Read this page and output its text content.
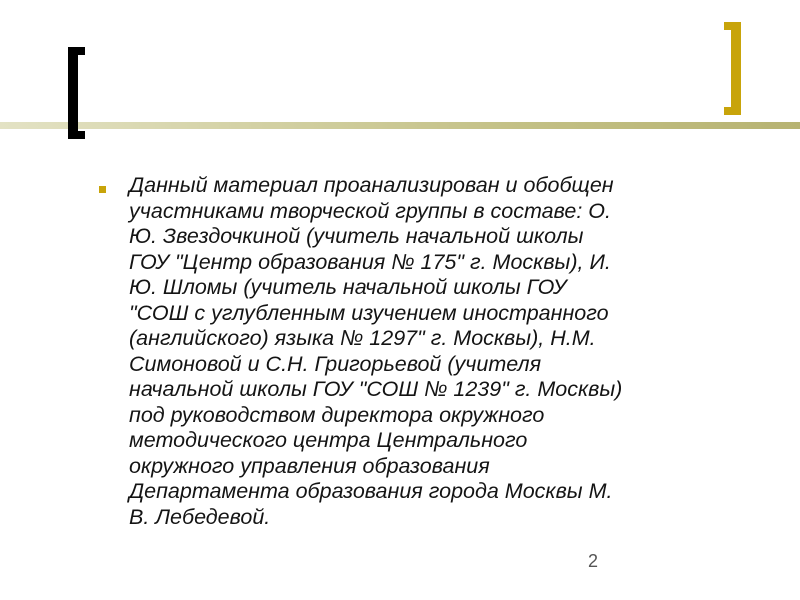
Данный материал проанализирован и обобщен
участниками творческой группы в составе: О.
Ю. Звездочкиной (учитель начальной школы
ГОУ "Центр образования № 175" г. Москвы), И.
Ю. Шломы (учитель начальной школы ГОУ
"СОШ с углубленным изучением иностранного
(английского) языка № 1297" г. Москвы), Н.М.
Симоновой и С.Н. Григорьевой (учителя
начальной школы ГОУ "СОШ № 1239" г. Москвы)
под руководством директора окружного
методического центра Центрального
окружного управления образования
Департамента образования города Москвы М.
В. Лебедевой.

2
